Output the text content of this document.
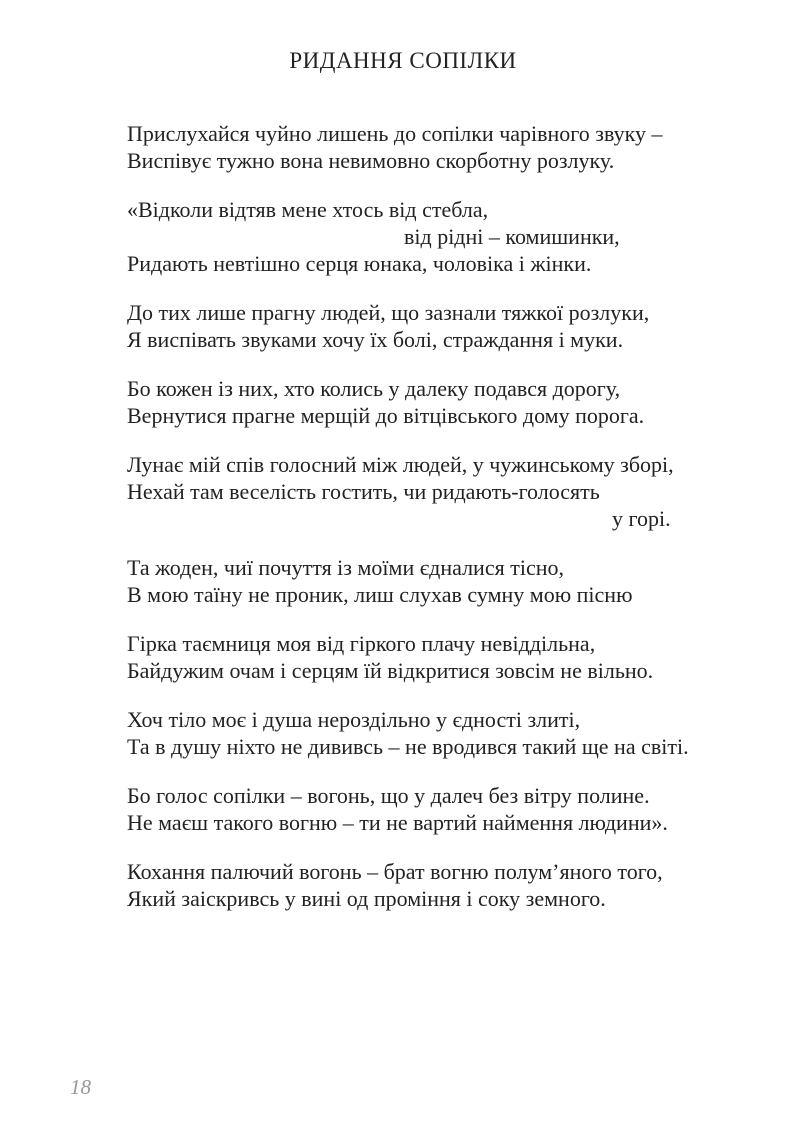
РИДАННЯ СОПІЛКИ
Прислухайся чуйно лишень до сопілки чарівного звуку –
Виспівує тужно вона невимовно скорботну розлуку.
«Відколи відтяв мене хтось від стебла,
від рідні – комишинки,
Ридають невтішно серця юнака, чоловіка і жінки.
До тих лише прагну людей, що зазнали тяжкої розлуки,
Я виспівать звуками хочу їх болі, страждання і муки.
Бо кожен із них, хто колись у далеку подався дорогу,
Вернутися прагне мерщій до вітцівського дому порога.
Лунає мій спів голосний між людей, у чужинському зборі,
Нехай там веселість гостить, чи ридають-голосять
у горі.
Та жоден, чиї почуття із моїми єдналися тісно,
В мою таїну не проник, лиш слухав сумну мою пісню
Гірка таємниця моя від гіркого плачу невіддільна,
Байдужим очам і серцям їй відкритися зовсім не вільно.
Хоч тіло моє і душа нероздільно у єдності злиті,
Та в душу ніхто не дививсь – не вродився такий ще на світі.
Бо голос сопілки – вогонь, що у далеч без вітру полине.
Не маєш такого вогню – ти не вартий наймення людини».
Кохання палючий вогонь – брат вогню полум’яного того,
Який заіскривсь у вині од проміння і соку земного.
18
